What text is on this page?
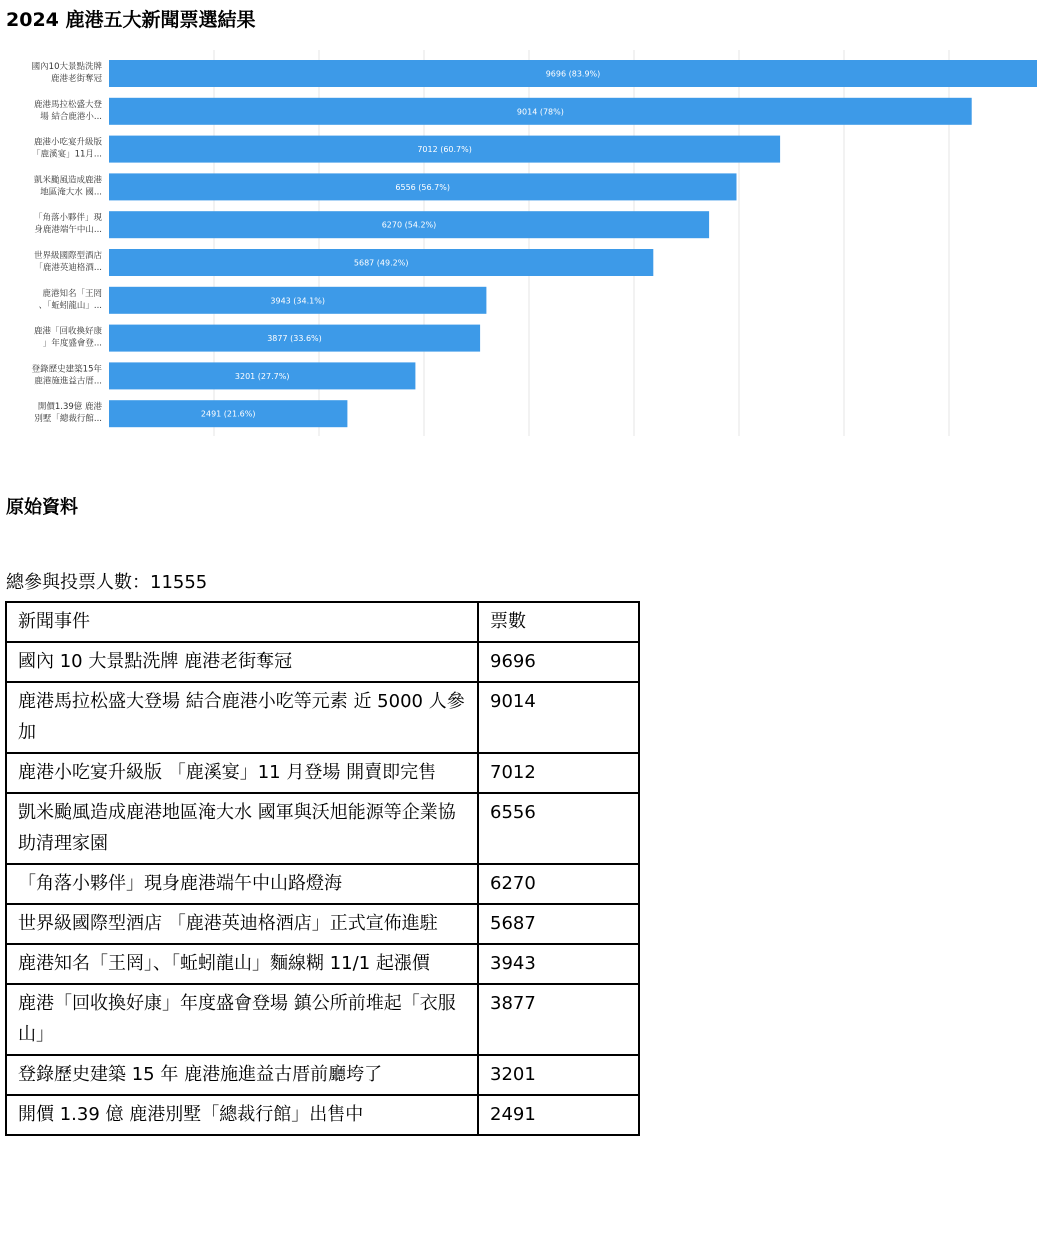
2024 鹿港五大新聞票選結果
9696 (83.9%)
9014 (78%)
7012 (60.7%)
6556 (56.7%)
6270 (54.2%)
5687 (49.2%)
3943 (34.1%)
3877 (33.6%)
3201 (27.7%)
2491 (21.6%)
國內10大景點洗牌
鹿港老街奪冠
鹿港馬拉松盛大登
場 結合鹿港小...
鹿港小吃宴升級版
「鹿溪宴」11月...
凱米颱風造成鹿港
地區淹大水 國...
「角落小夥伴」現
身鹿港端午中山...
世界級國際型酒店
「鹿港英迪格酒...
鹿港知名「王罔
、「蚯蚓龍山」...
鹿港「回收換好康
」年度盛會登...
登錄歷史建築15年
鹿港施進益古厝...
開價1.39億 鹿港
別墅「總裁行館...
原始資料
總參與投票人數：11555
新聞事件	票數
國內 10 大景點洗牌 鹿港老街奪冠	9696
鹿港馬拉松盛大登場 結合鹿港小吃等元素 近 5000 人參加	9014
鹿港小吃宴升級版 「鹿溪宴」11 月登場 開賣即完售	7012
凱米颱風造成鹿港地區淹大水 國軍與沃旭能源等企業協助清理家園	6556
「角落小夥伴」現身鹿港端午中山路燈海	6270
世界級國際型酒店 「鹿港英迪格酒店」正式宣佈進駐	5687
鹿港知名「王罔」、「蚯蚓龍山」麵線糊 11/1 起漲價	3943
鹿港「回收換好康」年度盛會登場 鎮公所前堆起「衣服山」	3877
登錄歷史建築 15 年 鹿港施進益古厝前廳垮了	3201
開價 1.39 億 鹿港別墅「總裁行館」出售中	2491
